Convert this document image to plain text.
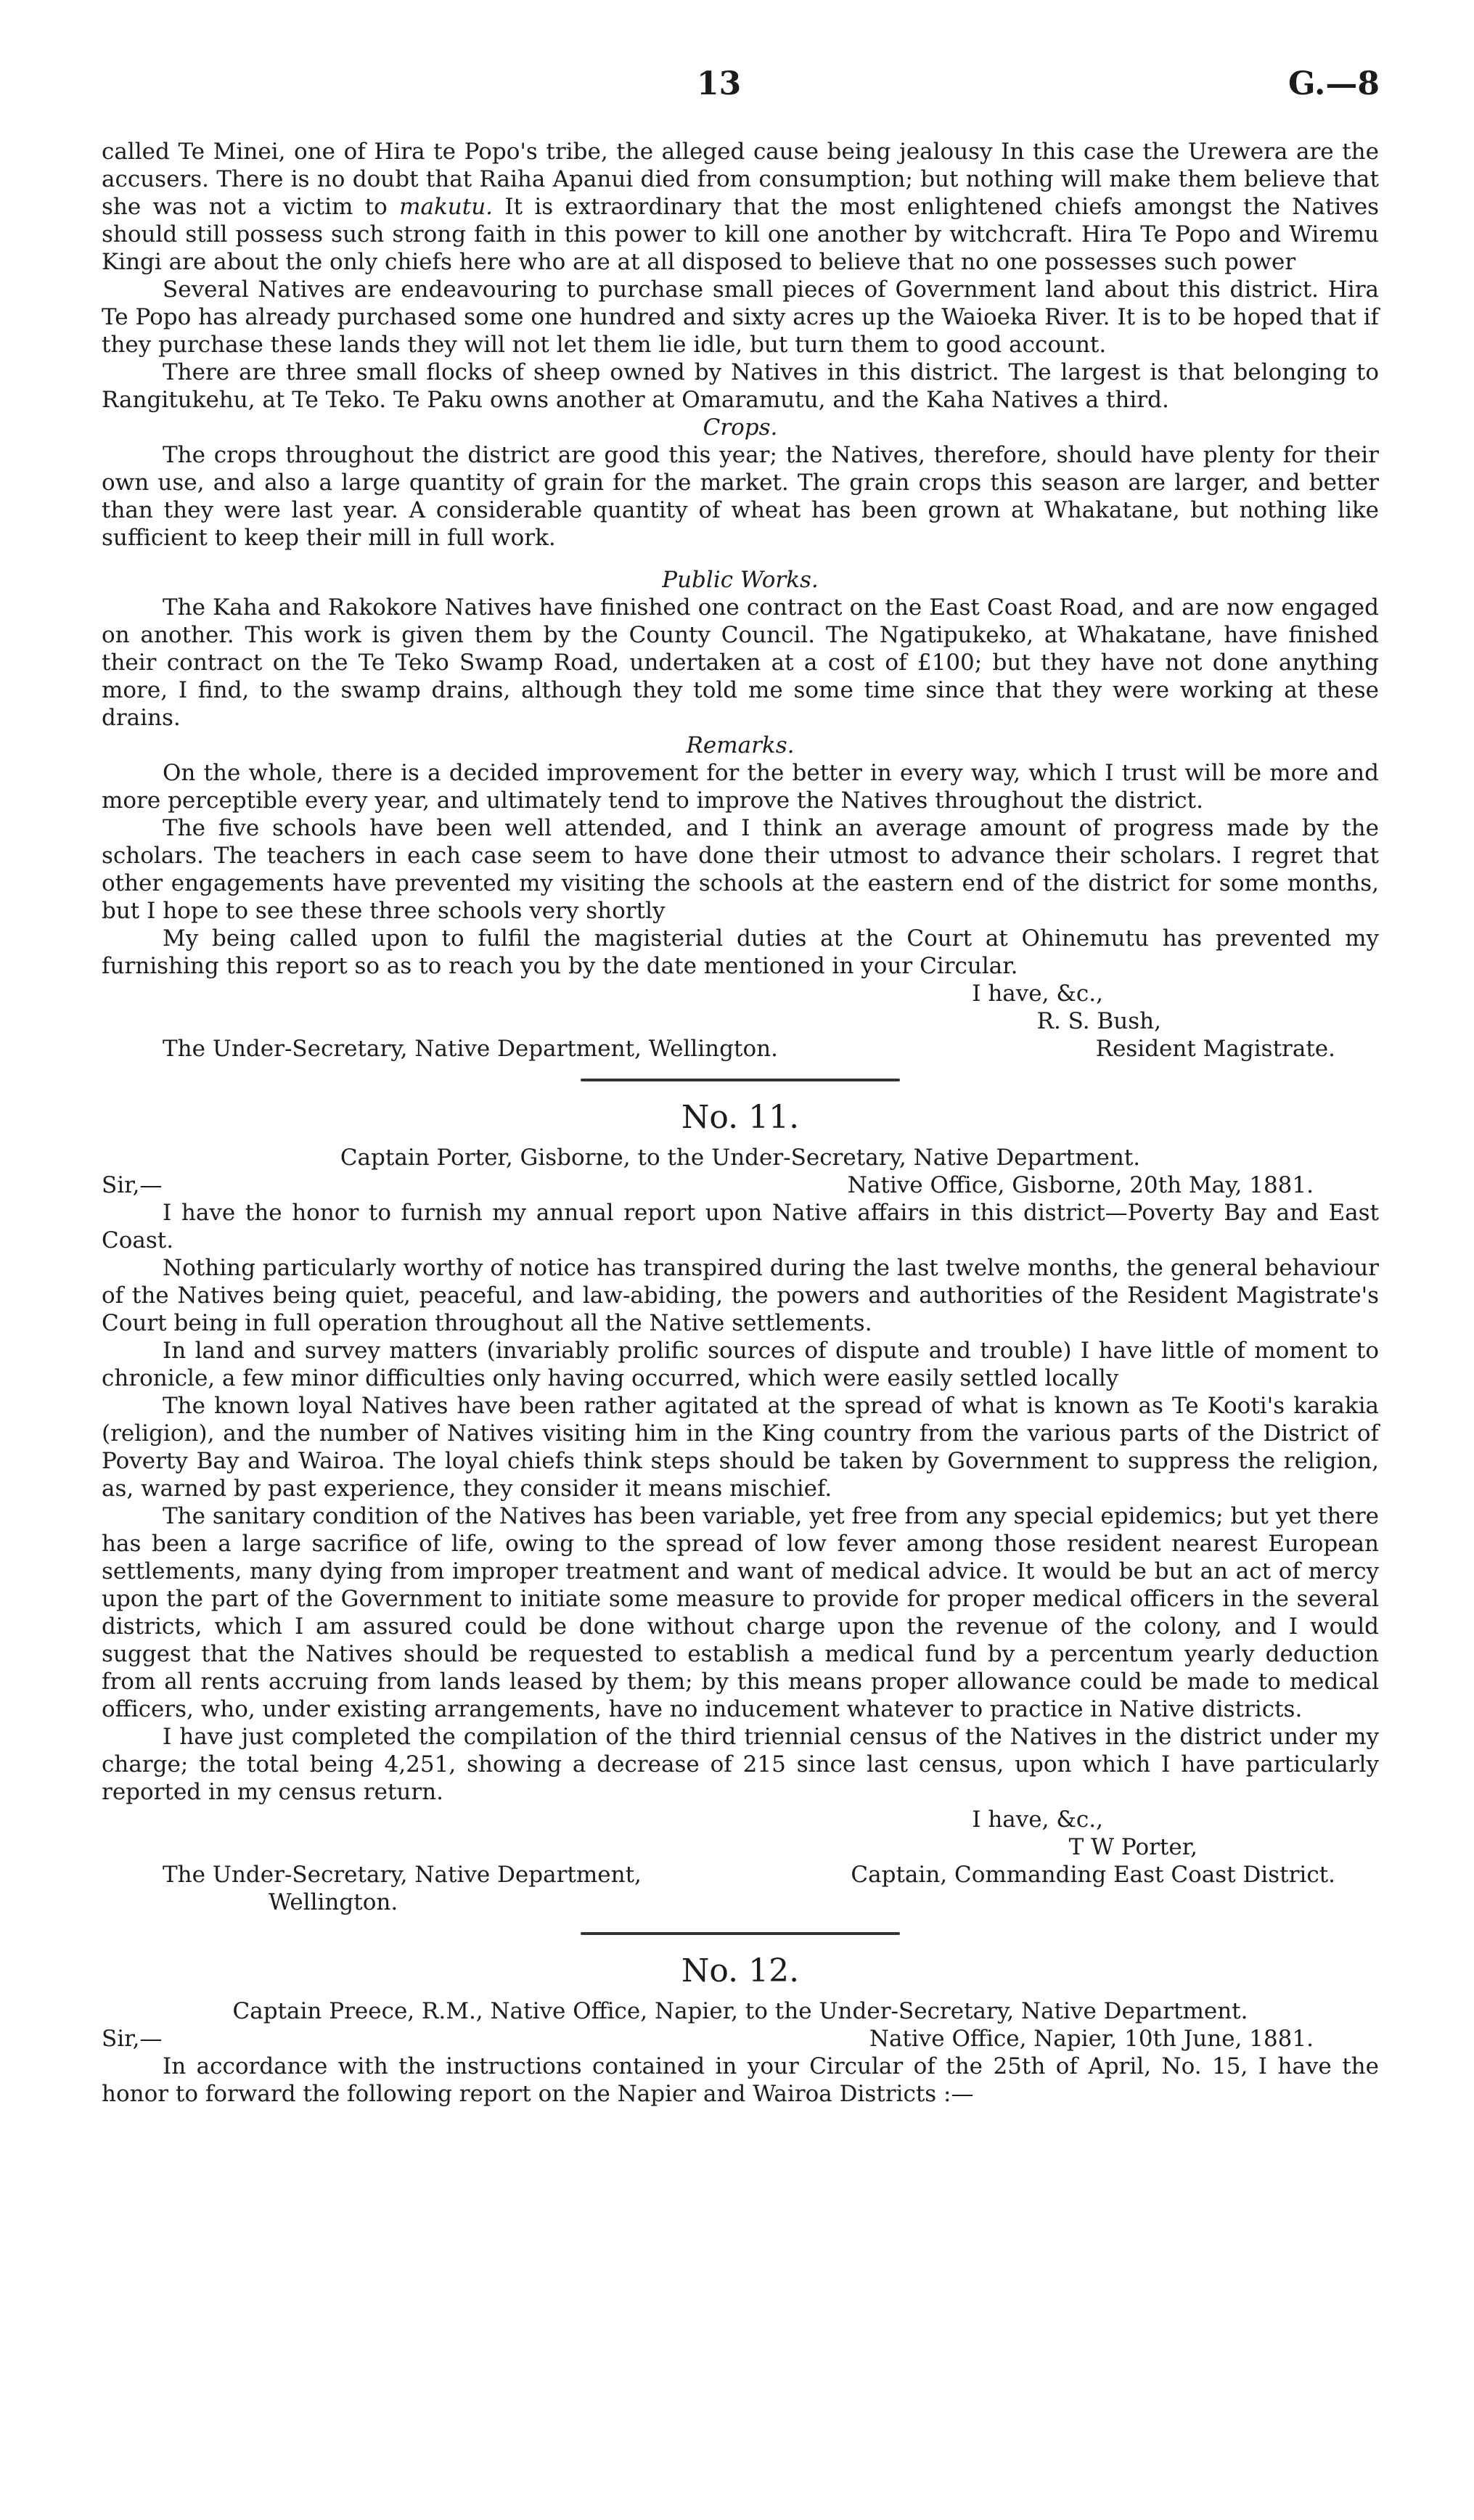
13	G.—8

called Te Minei, one of Hira te Popo's tribe, the alleged cause being jealousy In this case the Urewera are the accusers. There is no doubt that Raiha Apanui died from consumption; but nothing will make them believe that she was not a victim to makutu. It is extraordinary that the most enlightened chiefs amongst the Natives should still possess such strong faith in this power to kill one another by witchcraft. Hira Te Popo and Wiremu Kingi are about the only chiefs here who are at all disposed to believe that no one possesses such power

Several Natives are endeavouring to purchase small pieces of Government land about this district. Hira Te Popo has already purchased some one hundred and sixty acres up the Waioeka River. It is to be hoped that if they purchase these lands they will not let them lie idle, but turn them to good account.

There are three small flocks of sheep owned by Natives in this district. The largest is that belonging to Rangitukehu, at Te Teko. Te Paku owns another at Omaramutu, and the Kaha Natives a third.

Crops.

The crops throughout the district are good this year; the Natives, therefore, should have plenty for their own use, and also a large quantity of grain for the market. The grain crops this season are larger, and better than they were last year. A considerable quantity of wheat has been grown at Whakatane, but nothing like sufficient to keep their mill in full work.

Public Works.

The Kaha and Rakokore Natives have finished one contract on the East Coast Road, and are now engaged on another. This work is given them by the County Council. The Ngatipukeko, at Whakatane, have finished their contract on the Te Teko Swamp Road, undertaken at a cost of £100; but they have not done anything more, I find, to the swamp drains, although they told me some time since that they were working at these drains.

Remarks.

On the whole, there is a decided improvement for the better in every way, which I trust will be more and more perceptible every year, and ultimately tend to improve the Natives throughout the district.

The five schools have been well attended, and I think an average amount of progress made by the scholars. The teachers in each case seem to have done their utmost to advance their scholars. I regret that other engagements have prevented my visiting the schools at the eastern end of the district for some months, but I hope to see these three schools very shortly

My being called upon to fulfil the magisterial duties at the Court at Ohinemutu has prevented my furnishing this report so as to reach you by the date mentioned in your Circular.

I have, &c.,

R. S. Bush,

The Under-Secretary, Native Department, Wellington.	Resident Magistrate.

No. 11.

Captain Porter, Gisborne, to the Under-Secretary, Native Department.

Sir,—	Native Office, Gisborne, 20th May, 1881.

I have the honor to furnish my annual report upon Native affairs in this district—Poverty Bay and East Coast.

Nothing particularly worthy of notice has transpired during the last twelve months, the general behaviour of the Natives being quiet, peaceful, and law-abiding, the powers and authorities of the Resident Magistrate's Court being in full operation throughout all the Native settlements.

In land and survey matters (invariably prolific sources of dispute and trouble) I have little of moment to chronicle, a few minor difficulties only having occurred, which were easily settled locally

The known loyal Natives have been rather agitated at the spread of what is known as Te Kooti's karakia (religion), and the number of Natives visiting him in the King country from the various parts of the District of Poverty Bay and Wairoa. The loyal chiefs think steps should be taken by Government to suppress the religion, as, warned by past experience, they consider it means mischief.

The sanitary condition of the Natives has been variable, yet free from any special epidemics; but yet there has been a large sacrifice of life, owing to the spread of low fever among those resident nearest European settlements, many dying from improper treatment and want of medical advice. It would be but an act of mercy upon the part of the Government to initiate some measure to provide for proper medical officers in the several districts, which I am assured could be done without charge upon the revenue of the colony, and I would suggest that the Natives should be requested to establish a medical fund by a percentum yearly deduction from all rents accruing from lands leased by them; by this means proper allowance could be made to medical officers, who, under existing arrangements, have no inducement whatever to practice in Native districts.

I have just completed the compilation of the third triennial census of the Natives in the district under my charge; the total being 4,251, showing a decrease of 215 since last census, upon which I have particularly reported in my census return.

I have, &c.,

T W Porter,

The Under-Secretary, Native Department,	Captain, Commanding East Coast District.

Wellington.

No. 12.

Captain Preece, R.M., Native Office, Napier, to the Under-Secretary, Native Department.

Sir,—	Native Office, Napier, 10th June, 1881.

In accordance with the instructions contained in your Circular of the 25th of April, No. 15, I have the honor to forward the following report on the Napier and Wairoa Districts :—
